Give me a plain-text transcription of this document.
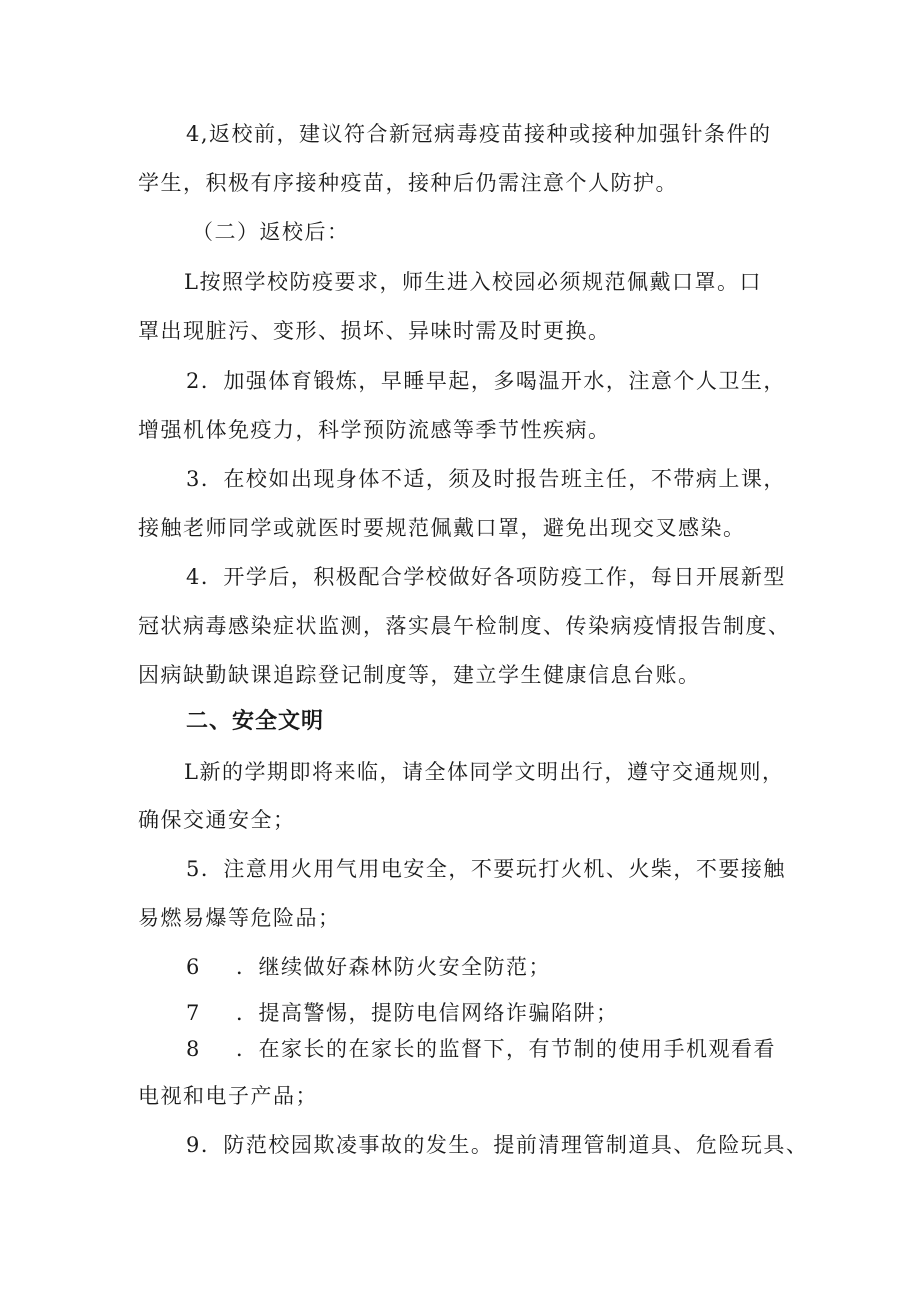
4,返校前，建议符合新冠病毒疫苗接种或接种加强针条件的
学生，积极有序接种疫苗，接种后仍需注意个人防护。
（二）返校后：
L按照学校防疫要求，师生进入校园必须规范佩戴口罩。口
罩出现脏污、变形、损坏、异味时需及时更换。
2．加强体育锻炼，早睡早起，多喝温开水，注意个人卫生，
增强机体免疫力，科学预防流感等季节性疾病。
3．在校如出现身体不适，须及时报告班主任，不带病上课，
接触老师同学或就医时要规范佩戴口罩，避免出现交叉感染。
4．开学后，积极配合学校做好各项防疫工作，每日开展新型
冠状病毒感染症状监测，落实晨午检制度、传染病疫情报告制度、
因病缺勤缺课追踪登记制度等，建立学生健康信息台账。
二、安全文明
L新的学期即将来临，请全体同学文明出行，遵守交通规则，
确保交通安全；
5．注意用火用气用电安全，不要玩打火机、火柴，不要接触
易燃易爆等危险品；
6 ．继续做好森林防火安全防范；
7 ．提高警惕，提防电信网络诈骗陷阱；
8 ．在家长的在家长的监督下，有节制的使用手机观看看
电视和电子产品；
9．防范校园欺凌事故的发生。提前清理管制道具、危险玩具、
